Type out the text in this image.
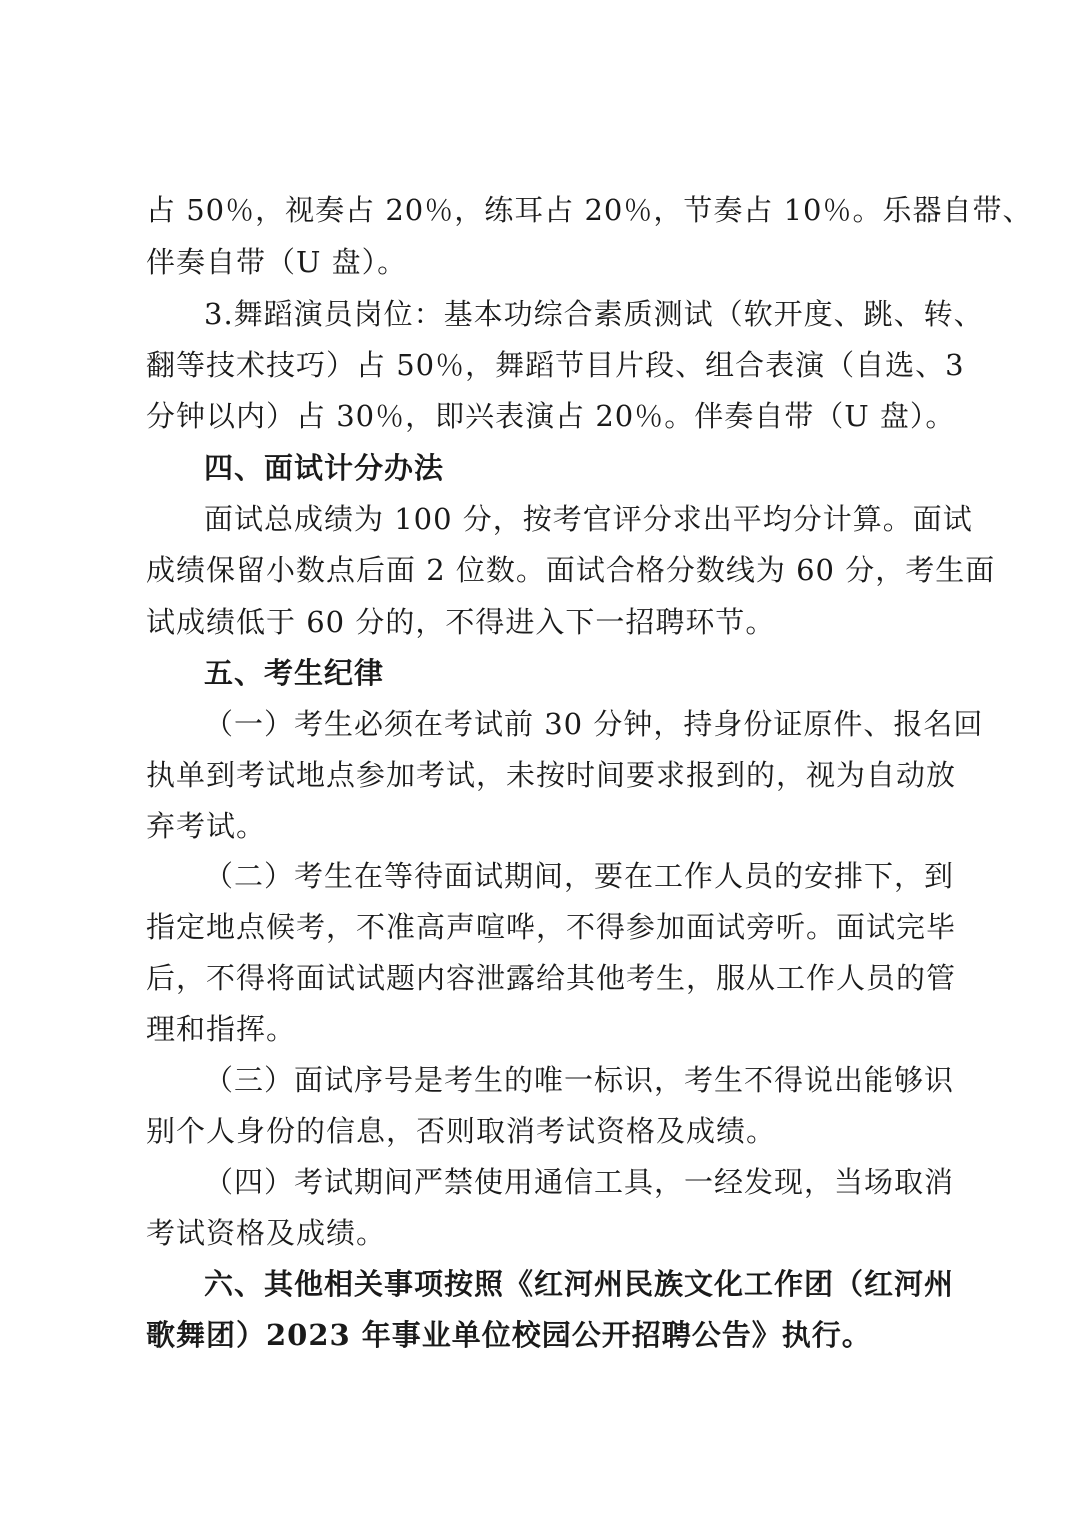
占 50％，视奏占 20％，练耳占 20％，节奏占 10％。乐器自带、

伴奏自带（U 盘）。

3.舞蹈演员岗位：基本功综合素质测试（软开度、跳、转、

翻等技术技巧）占 50％，舞蹈节目片段、组合表演（自选、3

分钟以内）占 30％，即兴表演占 20％。伴奏自带（U 盘）。

四、面试计分办法

面试总成绩为 100 分，按考官评分求出平均分计算。面试

成绩保留小数点后面 2 位数。面试合格分数线为 60 分，考生面

试成绩低于 60 分的，不得进入下一招聘环节。

五、考生纪律

（一）考生必须在考试前 30 分钟，持身份证原件、报名回

执单到考试地点参加考试，未按时间要求报到的，视为自动放

弃考试。

（二）考生在等待面试期间，要在工作人员的安排下，到

指定地点候考，不准高声喧哗，不得参加面试旁听。面试完毕

后，不得将面试试题内容泄露给其他考生，服从工作人员的管

理和指挥。

（三）面试序号是考生的唯一标识，考生不得说出能够识

别个人身份的信息，否则取消考试资格及成绩。

（四）考试期间严禁使用通信工具，一经发现，当场取消

考试资格及成绩。

六、其他相关事项按照《红河州民族文化工作团（红河州

歌舞团）2023 年事业单位校园公开招聘公告》执行。
